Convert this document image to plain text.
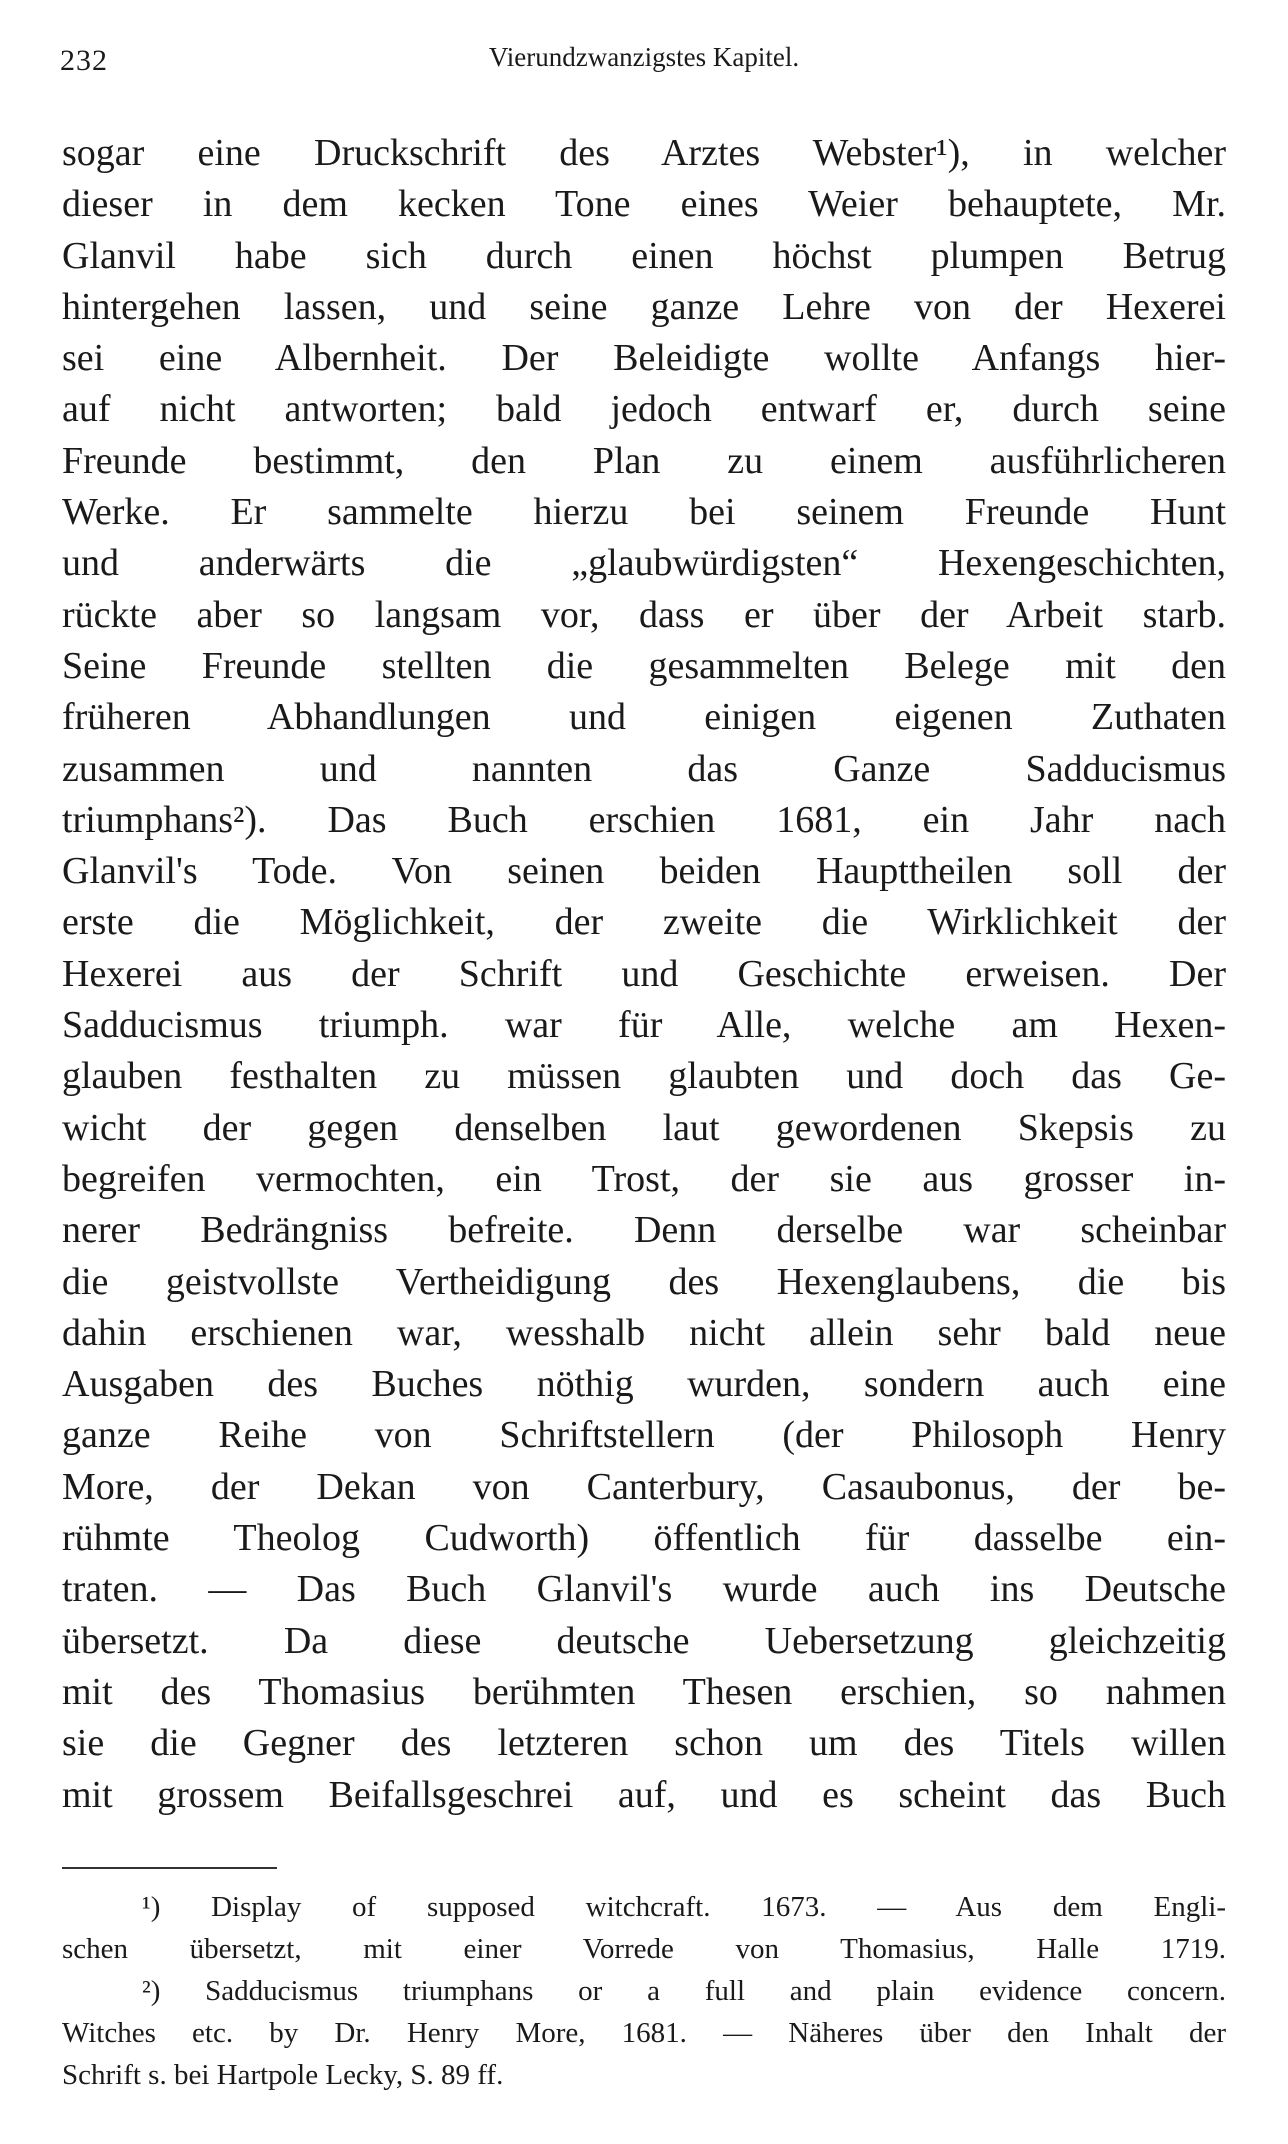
232	Vierundzwanzigstes Kapitel.
sogar eine Druckschrift des Arztes Webster¹), in welcher
dieser in dem kecken Tone eines Weier behauptete, Mr.
Glanvil habe sich durch einen höchst plumpen Betrug
hintergehen lassen, und seine ganze Lehre von der Hexerei
sei eine Albernheit. Der Beleidigte wollte Anfangs hier-
auf nicht antworten; bald jedoch entwarf er, durch seine
Freunde bestimmt, den Plan zu einem ausführlicheren
Werke. Er sammelte hierzu bei seinem Freunde Hunt
und anderwärts die „glaubwürdigsten“ Hexengeschichten,
rückte aber so langsam vor, dass er über der Arbeit starb.
Seine Freunde stellten die gesammelten Belege mit den
früheren Abhandlungen und einigen eigenen Zuthaten
zusammen und nannten das Ganze Sadducismus
triumphans²). Das Buch erschien 1681, ein Jahr nach
Glanvil's Tode. Von seinen beiden Haupttheilen soll der
erste die Möglichkeit, der zweite die Wirklichkeit der
Hexerei aus der Schrift und Geschichte erweisen. Der
Sadducismus triumph. war für Alle, welche am Hexen-
glauben festhalten zu müssen glaubten und doch das Ge-
wicht der gegen denselben laut gewordenen Skepsis zu
begreifen vermochten, ein Trost, der sie aus grosser in-
nerer Bedrängniss befreite. Denn derselbe war scheinbar
die geistvollste Vertheidigung des Hexenglaubens, die bis
dahin erschienen war, wesshalb nicht allein sehr bald neue
Ausgaben des Buches nöthig wurden, sondern auch eine
ganze Reihe von Schriftstellern (der Philosoph Henry
More, der Dekan von Canterbury, Casaubonus, der be-
rühmte Theolog Cudworth) öffentlich für dasselbe ein-
traten. — Das Buch Glanvil's wurde auch ins Deutsche
übersetzt. Da diese deutsche Uebersetzung gleichzeitig
mit des Thomasius berühmten Thesen erschien, so nahmen
sie die Gegner des letzteren schon um des Titels willen
mit grossem Beifallsgeschrei auf, und es scheint das Buch
¹) Display of supposed witchcraft. 1673. — Aus dem Engli-
schen übersetzt, mit einer Vorrede von Thomasius, Halle 1719.
²) Sadducismus triumphans or a full and plain evidence concern.
Witches etc. by Dr. Henry More, 1681. — Näheres über den Inhalt der
Schrift s. bei Hartpole Lecky, S. 89 ff.
